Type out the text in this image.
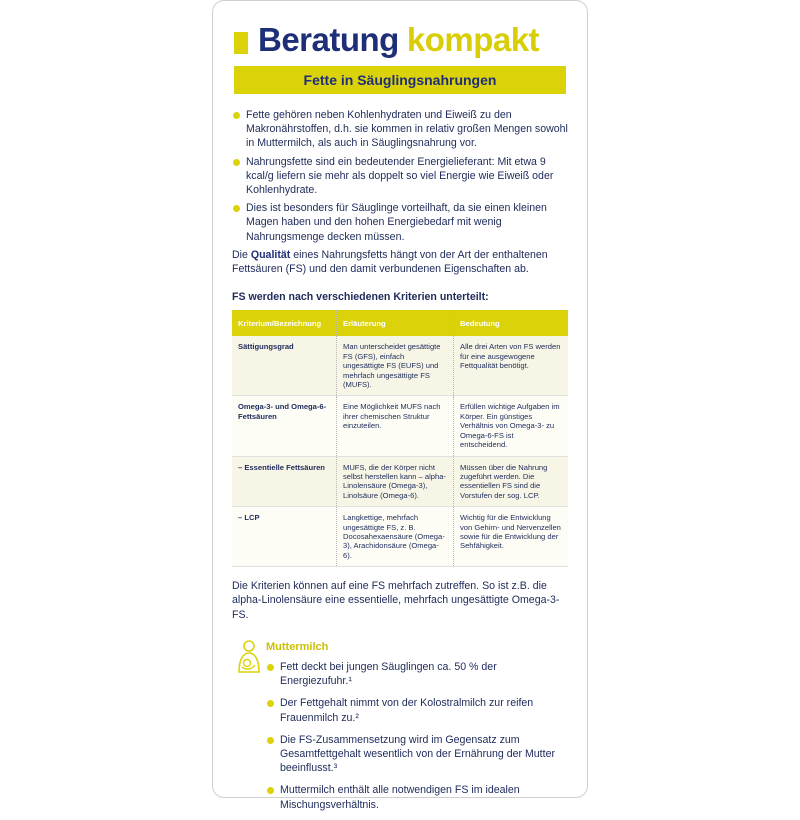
Beratung kompakt
Fette in Säuglingsnahrungen
Fette gehören neben Kohlenhydraten und Eiweiß zu den Makronährstoffen, d.h. sie kommen in relativ großen Mengen sowohl in Muttermilch, als auch in Säuglingsnahrung vor.
Nahrungsfette sind ein bedeutender Energielieferant: Mit etwa 9 kcal/g liefern sie mehr als doppelt so viel Energie wie Eiweiß oder Kohlenhydrate.
Dies ist besonders für Säuglinge vorteilhaft, da sie einen kleinen Magen haben und den hohen Energiebedarf mit wenig Nahrungsmenge decken müssen.
Die Qualität eines Nahrungsfetts hängt von der Art der enthaltenen Fettsäuren (FS) und den damit verbundenen Eigenschaften ab.
FS werden nach verschiedenen Kriterien unterteilt:
Kriterium/Bezeichnung	Erläuterung	Bedeutung
Sättigungsgrad	Man unterscheidet gesättigte FS (GFS), einfach ungesättigte FS (EUFS) und mehrfach ungesättigte FS (MUFS).	Alle drei Arten von FS werden für eine ausgewogene Fettqualität benötigt.
Omega-3- und Omega-6-Fettsäuren	Eine Möglichkeit MUFS nach ihrer chemischen Struktur einzuteilen.	Erfüllen wichtige Aufgaben im Körper. Ein günstiges Verhältnis von Omega-3- zu Omega-6-FS ist entscheidend.
– Essentielle Fettsäuren	MUFS, die der Körper nicht selbst herstellen kann – alpha-Linolensäure (Omega-3), Linolsäure (Omega-6).	Müssen über die Nahrung zugeführt werden. Die essentiellen FS sind die Vorstufen der sog. LCP.
– LCP	Langkettige, mehrfach ungesättigte FS, z. B. Docosahexaensäure (Omega-3), Arachidonsäure (Omega-6).	Wichtig für die Entwicklung von Gehirn- und Nervenzellen sowie für die Entwicklung der Sehfähigkeit.
Die Kriterien können auf eine FS mehrfach zutreffen. So ist z.B. die alpha-Linolensäure eine essentielle, mehrfach ungesättigte Omega-3-FS.
Muttermilch
Fett deckt bei jungen Säuglingen ca. 50 % der Energiezufuhr.¹
Der Fettgehalt nimmt von der Kolostralmilch zur reifen Frauenmilch zu.²
Die FS-Zusammensetzung wird im Gegensatz zum Gesamtfettgehalt wesentlich von der Ernährung der Mutter beeinflusst.³
Muttermilch enthält alle notwendigen FS im idealen Mischungsverhältnis.
